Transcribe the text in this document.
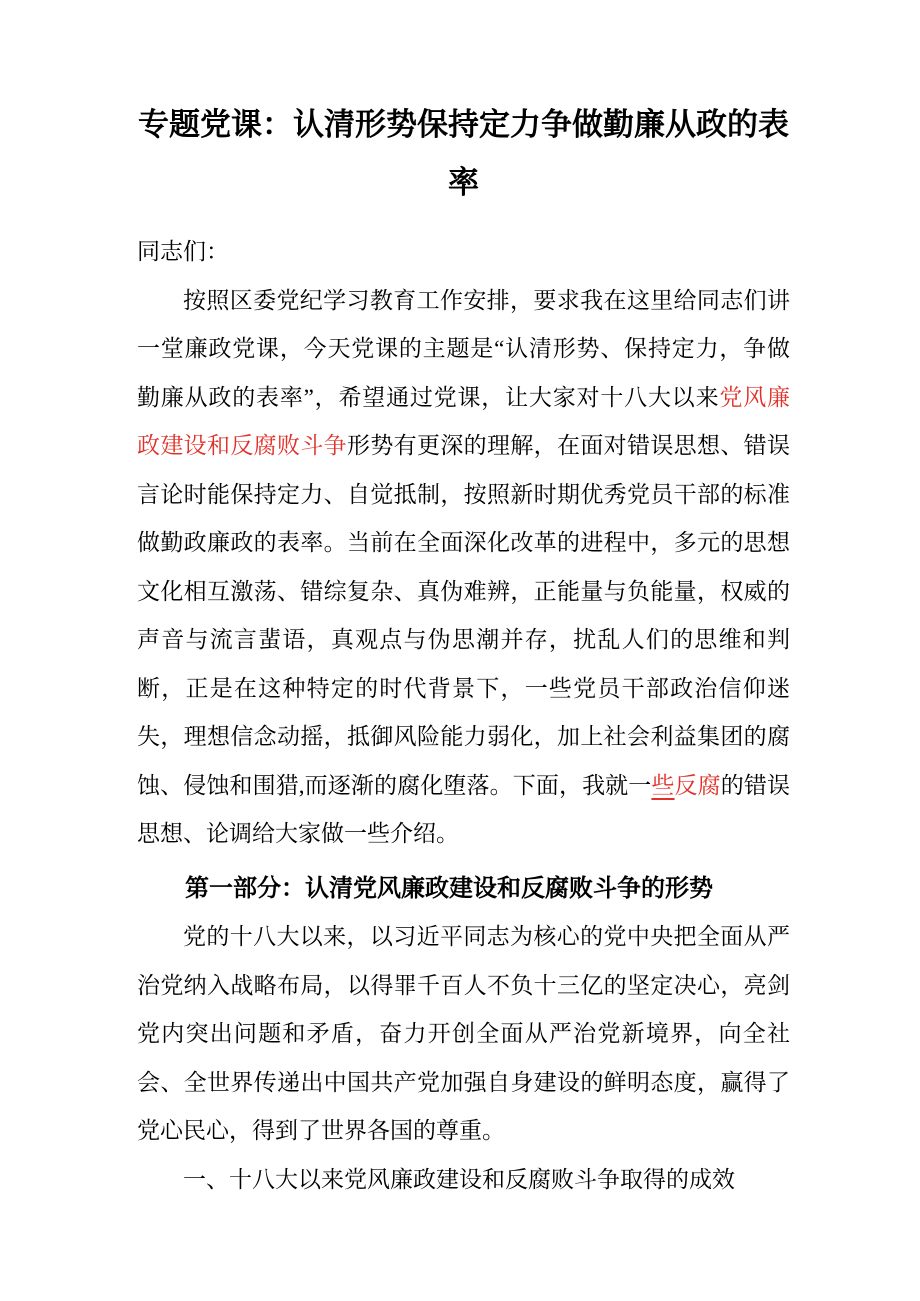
专题党课：认清形势保持定力争做勤廉从政的表率

同志们：

按照区委党纪学习教育工作安排，要求我在这里给同志们讲一堂廉政党课，今天党课的主题是“认清形势、保持定力，争做勤廉从政的表率”，希望通过党课，让大家对十八大以来党风廉政建设和反腐败斗争形势有更深的理解，在面对错误思想、错误言论时能保持定力、自觉抵制，按照新时期优秀党员干部的标准做勤政廉政的表率。当前在全面深化改革的进程中，多元的思想文化相互激荡、错综复杂、真伪难辨，正能量与负能量，权威的声音与流言蜚语，真观点与伪思潮并存，扰乱人们的思维和判断，正是在这种特定的时代背景下，一些党员干部政治信仰迷失，理想信念动摇，抵御风险能力弱化，加上社会利益集团的腐蚀、侵蚀和围猎,而逐渐的腐化堕落。下面，我就一些反腐的错误思想、论调给大家做一些介绍。
第一部分：认清党风廉政建设和反腐败斗争的形势
党的十八大以来，以习近平同志为核心的党中央把全面从严治党纳入战略布局，以得罪千百人不负十三亿的坚定决心，亮剑党内突出问题和矛盾，奋力开创全面从严治党新境界，向全社会、全世界传递出中国共产党加强自身建设的鲜明态度，赢得了党心民心，得到了世界各国的尊重。
一、十八大以来党风廉政建设和反腐败斗争取得的成效
